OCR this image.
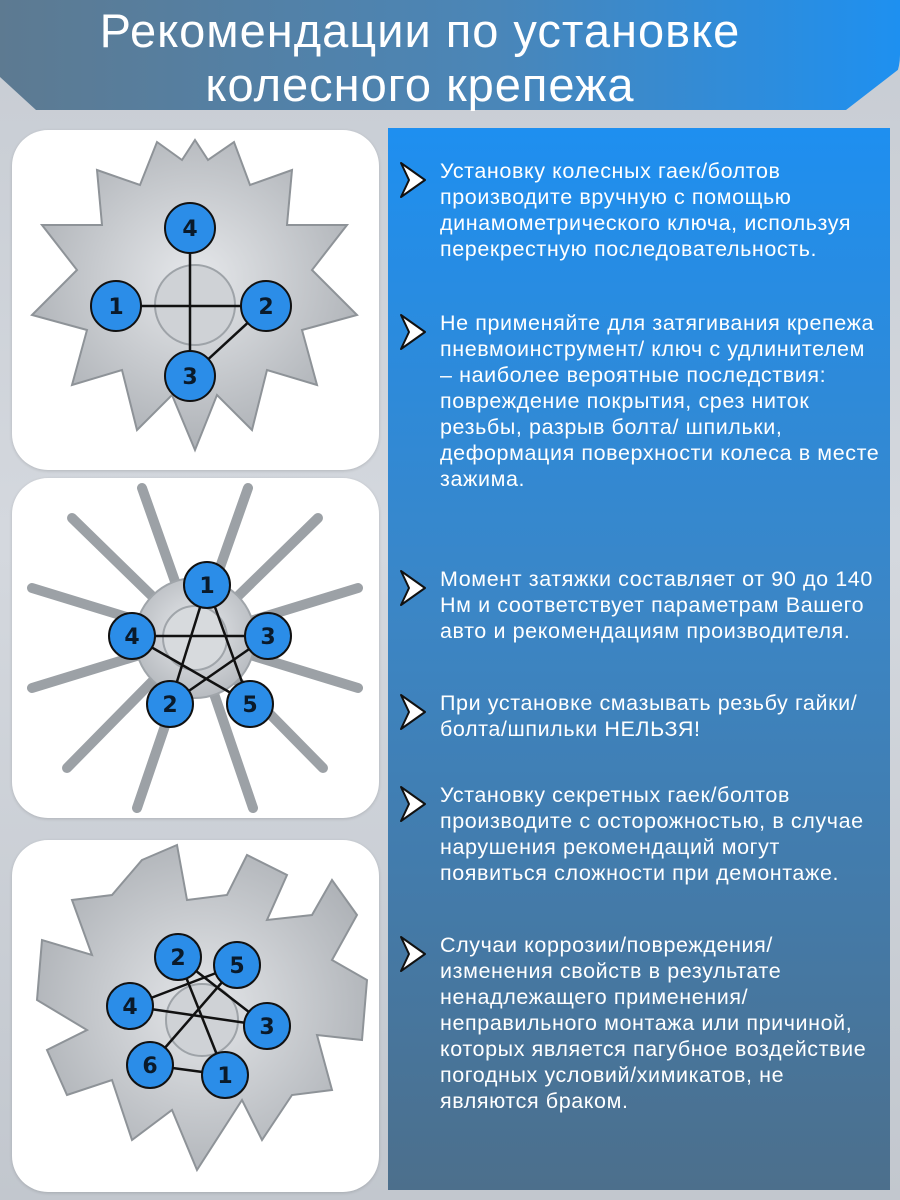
Рекомендации по установке
колесного крепежа
4
1	2
3
1
4	3
2	5
2 5
4
3
6	1
Установку колесных гаек/болтов производите вручную с помощью динамометрического ключа, используя перекрестную последовательность.
Не применяйте для затягивания крепежа пневмоинструмент/ ключ с удлинителем – наиболее вероятные последствия: повреждение покрытия, срез ниток резьбы, разрыв болта/ шпильки, деформация поверхности колеса в месте зажима.
Момент затяжки составляет от 90 до 140 Нм и соответствует параметрам Вашего авто и рекомендациям производителя.
При установке смазывать резьбу гайки/болта/шпильки НЕЛЬЗЯ!
Установку секретных гаек/болтов производите с осторожностью, в случае нарушения рекомендаций могут появиться сложности при демонтаже.
Случаи коррозии/повреждения/ изменения свойств в результате ненадлежащего применения/неправильного монтажа или причиной, которых является пагубное воздействие погодных условий/химикатов, не являются браком.
